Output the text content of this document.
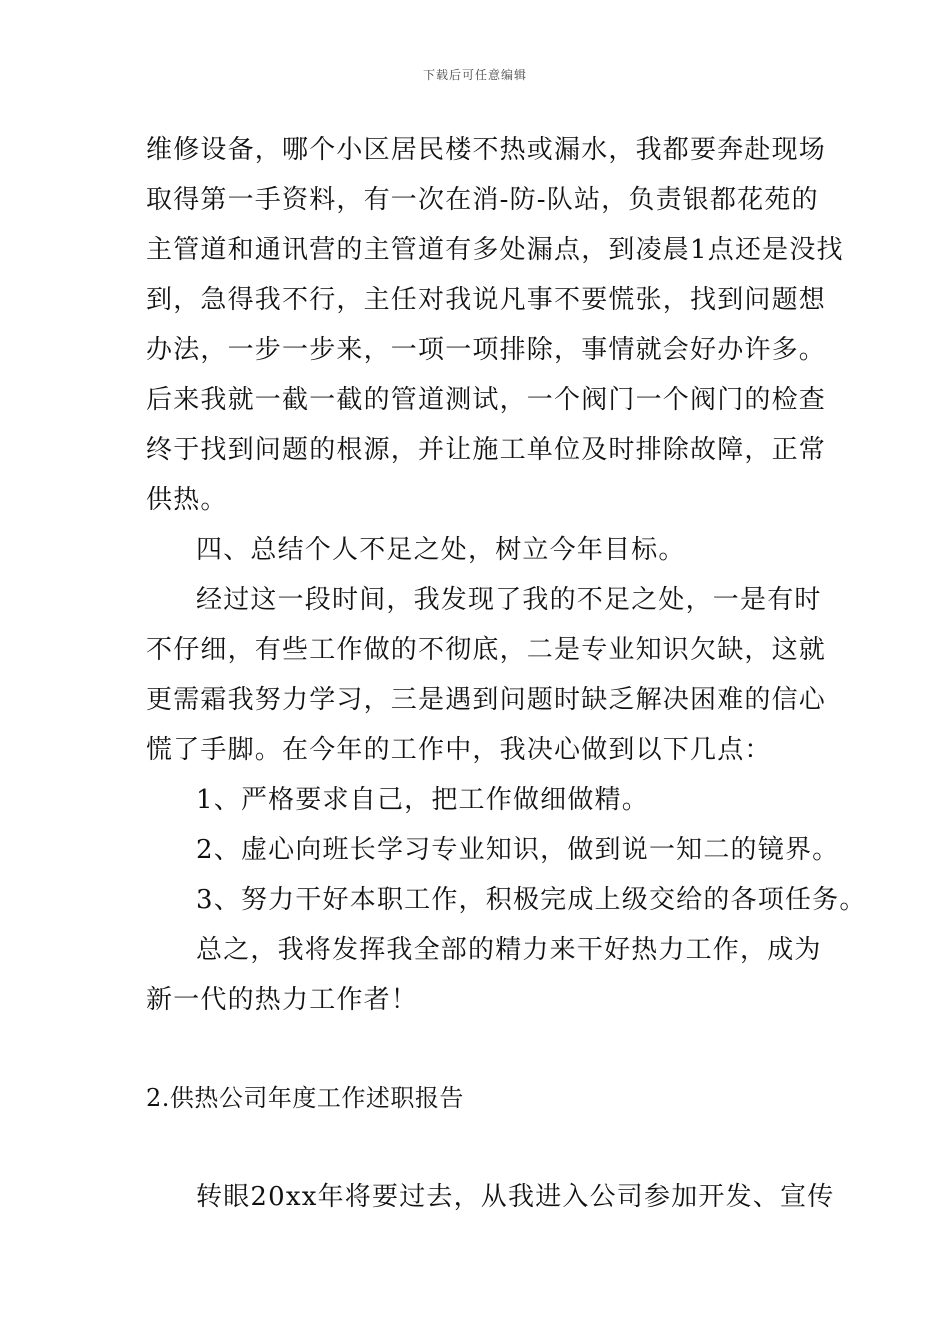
下载后可任意编辑
维修设备，哪个小区居民楼不热或漏水，我都要奔赴现场
取得第一手资料，有一次在消-防-队站，负责银都花苑的
主管道和通讯营的主管道有多处漏点，到凌晨1点还是没找
到，急得我不行，主任对我说凡事不要慌张，找到问题想
办法，一步一步来，一项一项排除，事情就会好办许多。
后来我就一截一截的管道测试，一个阀门一个阀门的检查
终于找到问题的根源，并让施工单位及时排除故障，正常
供热。
四、总结个人不足之处，树立今年目标。
经过这一段时间，我发现了我的不足之处，一是有时
不仔细，有些工作做的不彻底，二是专业知识欠缺，这就
更需霜我努力学习，三是遇到问题时缺乏解决困难的信心
慌了手脚。在今年的工作中，我决心做到以下几点：
1、严格要求自己，把工作做细做精。
2、虚心向班长学习专业知识，做到说一知二的镜界。
3、努力干好本职工作，积极完成上级交给的各项任务。
总之，我将发挥我全部的精力来干好热力工作，成为
新一代的热力工作者！
2.供热公司年度工作述职报告
转眼20xx年将要过去，从我进入公司参加开发、宣传
